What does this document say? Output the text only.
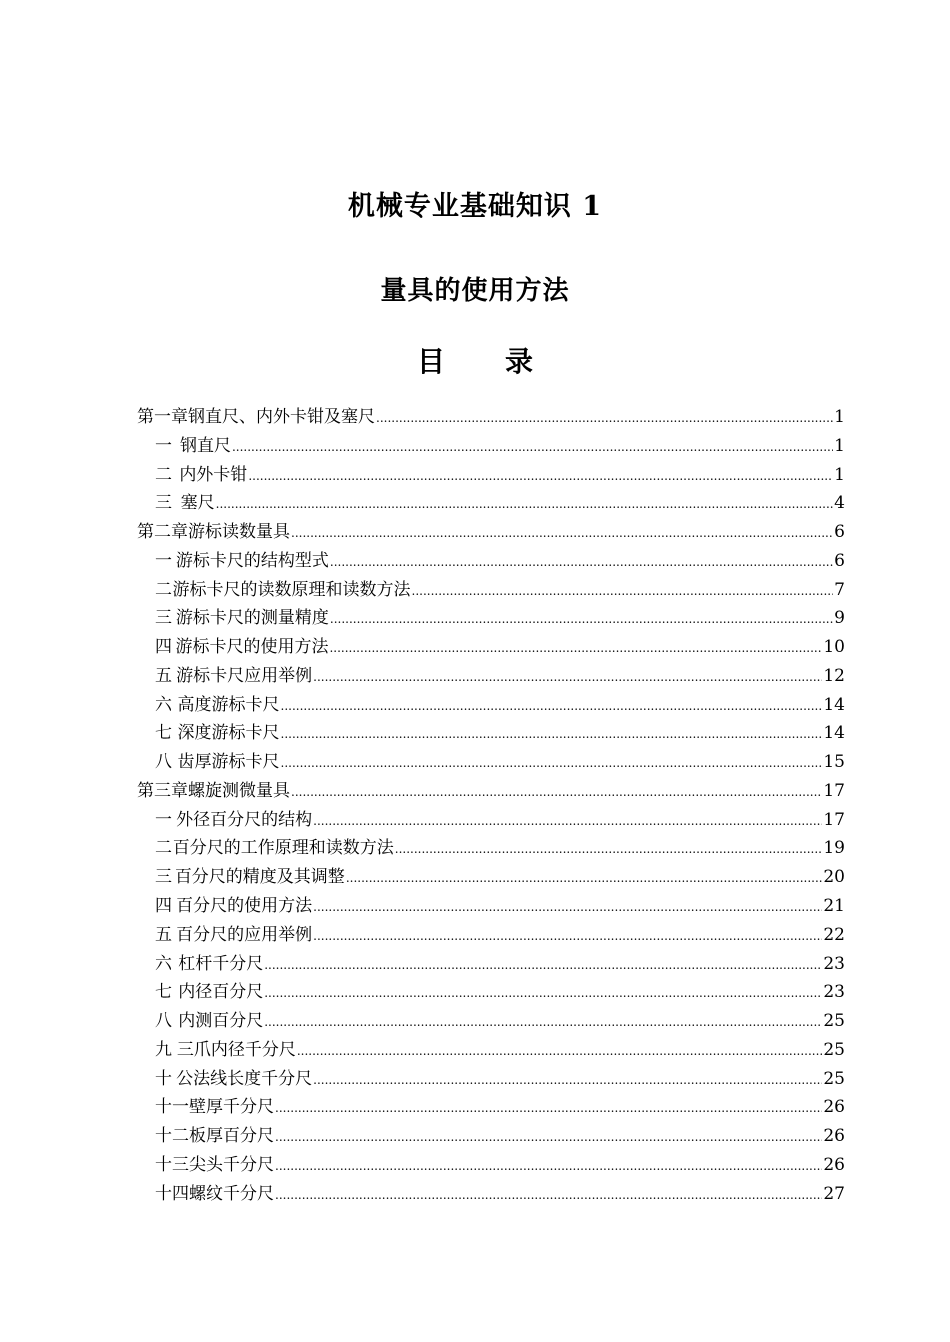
机械专业基础知识 1
量具的使用方法
目录
第一章 钢直尺、内外卡钳及塞尺 .....	1
一 钢直尺 .....	1
二 内外卡钳 .....	1
三 塞尺 .....	4
第二章 游标读数量具 .....	6
一 游标卡尺的结构型式 .....	6
二 游标卡尺的读数原理和读数方法 .....	7
三 游标卡尺的测量精度 .....	9
四 游标卡尺的使用方法 .....	10
五 游标卡尺应用举例 .....	12
六 高度游标卡尺 .....	14
七 深度游标卡尺 .....	14
八 齿厚游标卡尺 .....	15
第三章 螺旋测微量具 .....	17
一 外径百分尺的结构 .....	17
二 百分尺的工作原理和读数方法 .....	19
三 百分尺的精度及其调整 .....	20
四 百分尺的使用方法 .....	21
五 百分尺的应用举例 .....	22
六 杠杆千分尺 .....	23
七 内径百分尺 .....	23
八 内测百分尺 .....	25
九 三爪内径千分尺 .....	25
十 公法线长度千分尺 .....	25
十一 壁厚千分尺 .....	26
十二 板厚百分尺 .....	26
十三 尖头千分尺 .....	26
十四 螺纹千分尺 .....	27
